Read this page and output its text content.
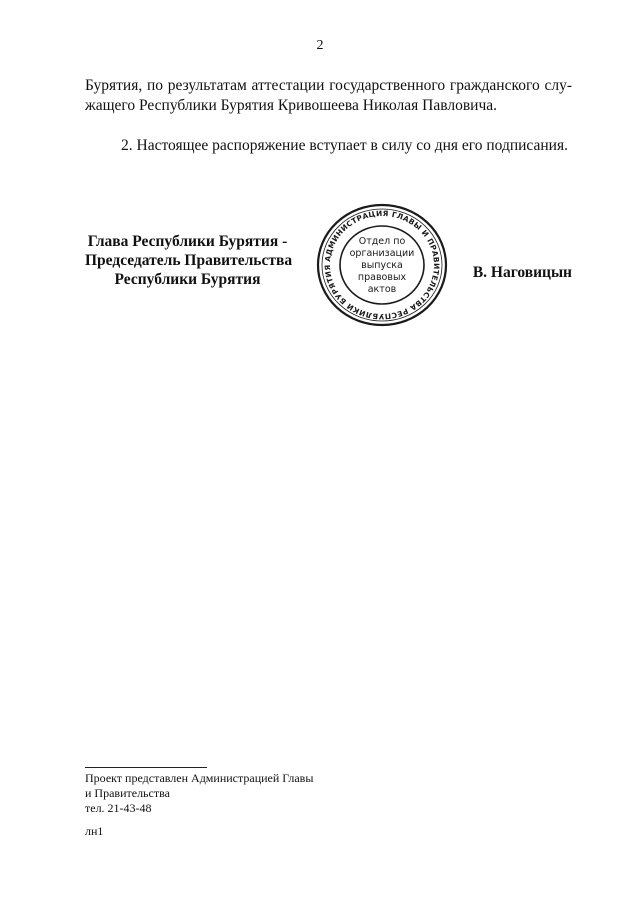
2
Бурятия, по результатам аттестации государственного гражданского слу-
жащего Республики Бурятия Кривошеева Николая Павловича.
2. Настоящее распоряжение вступает в силу со дня его подписания.
Глава Республики Бурятия -
Председатель Правительства
Республики Бурятия
АДМИНИСТРАЦИЯ ГЛАВЫ И ПРАВИТЕЛЬСТВА РЕСПУБЛИКИ БУРЯТИЯ
Отдел по
организации
выпуска
правовых
актов
В. Наговицын
Проект представлен Администрацией Главы
и Правительства
тел. 21-43-48
лн1
